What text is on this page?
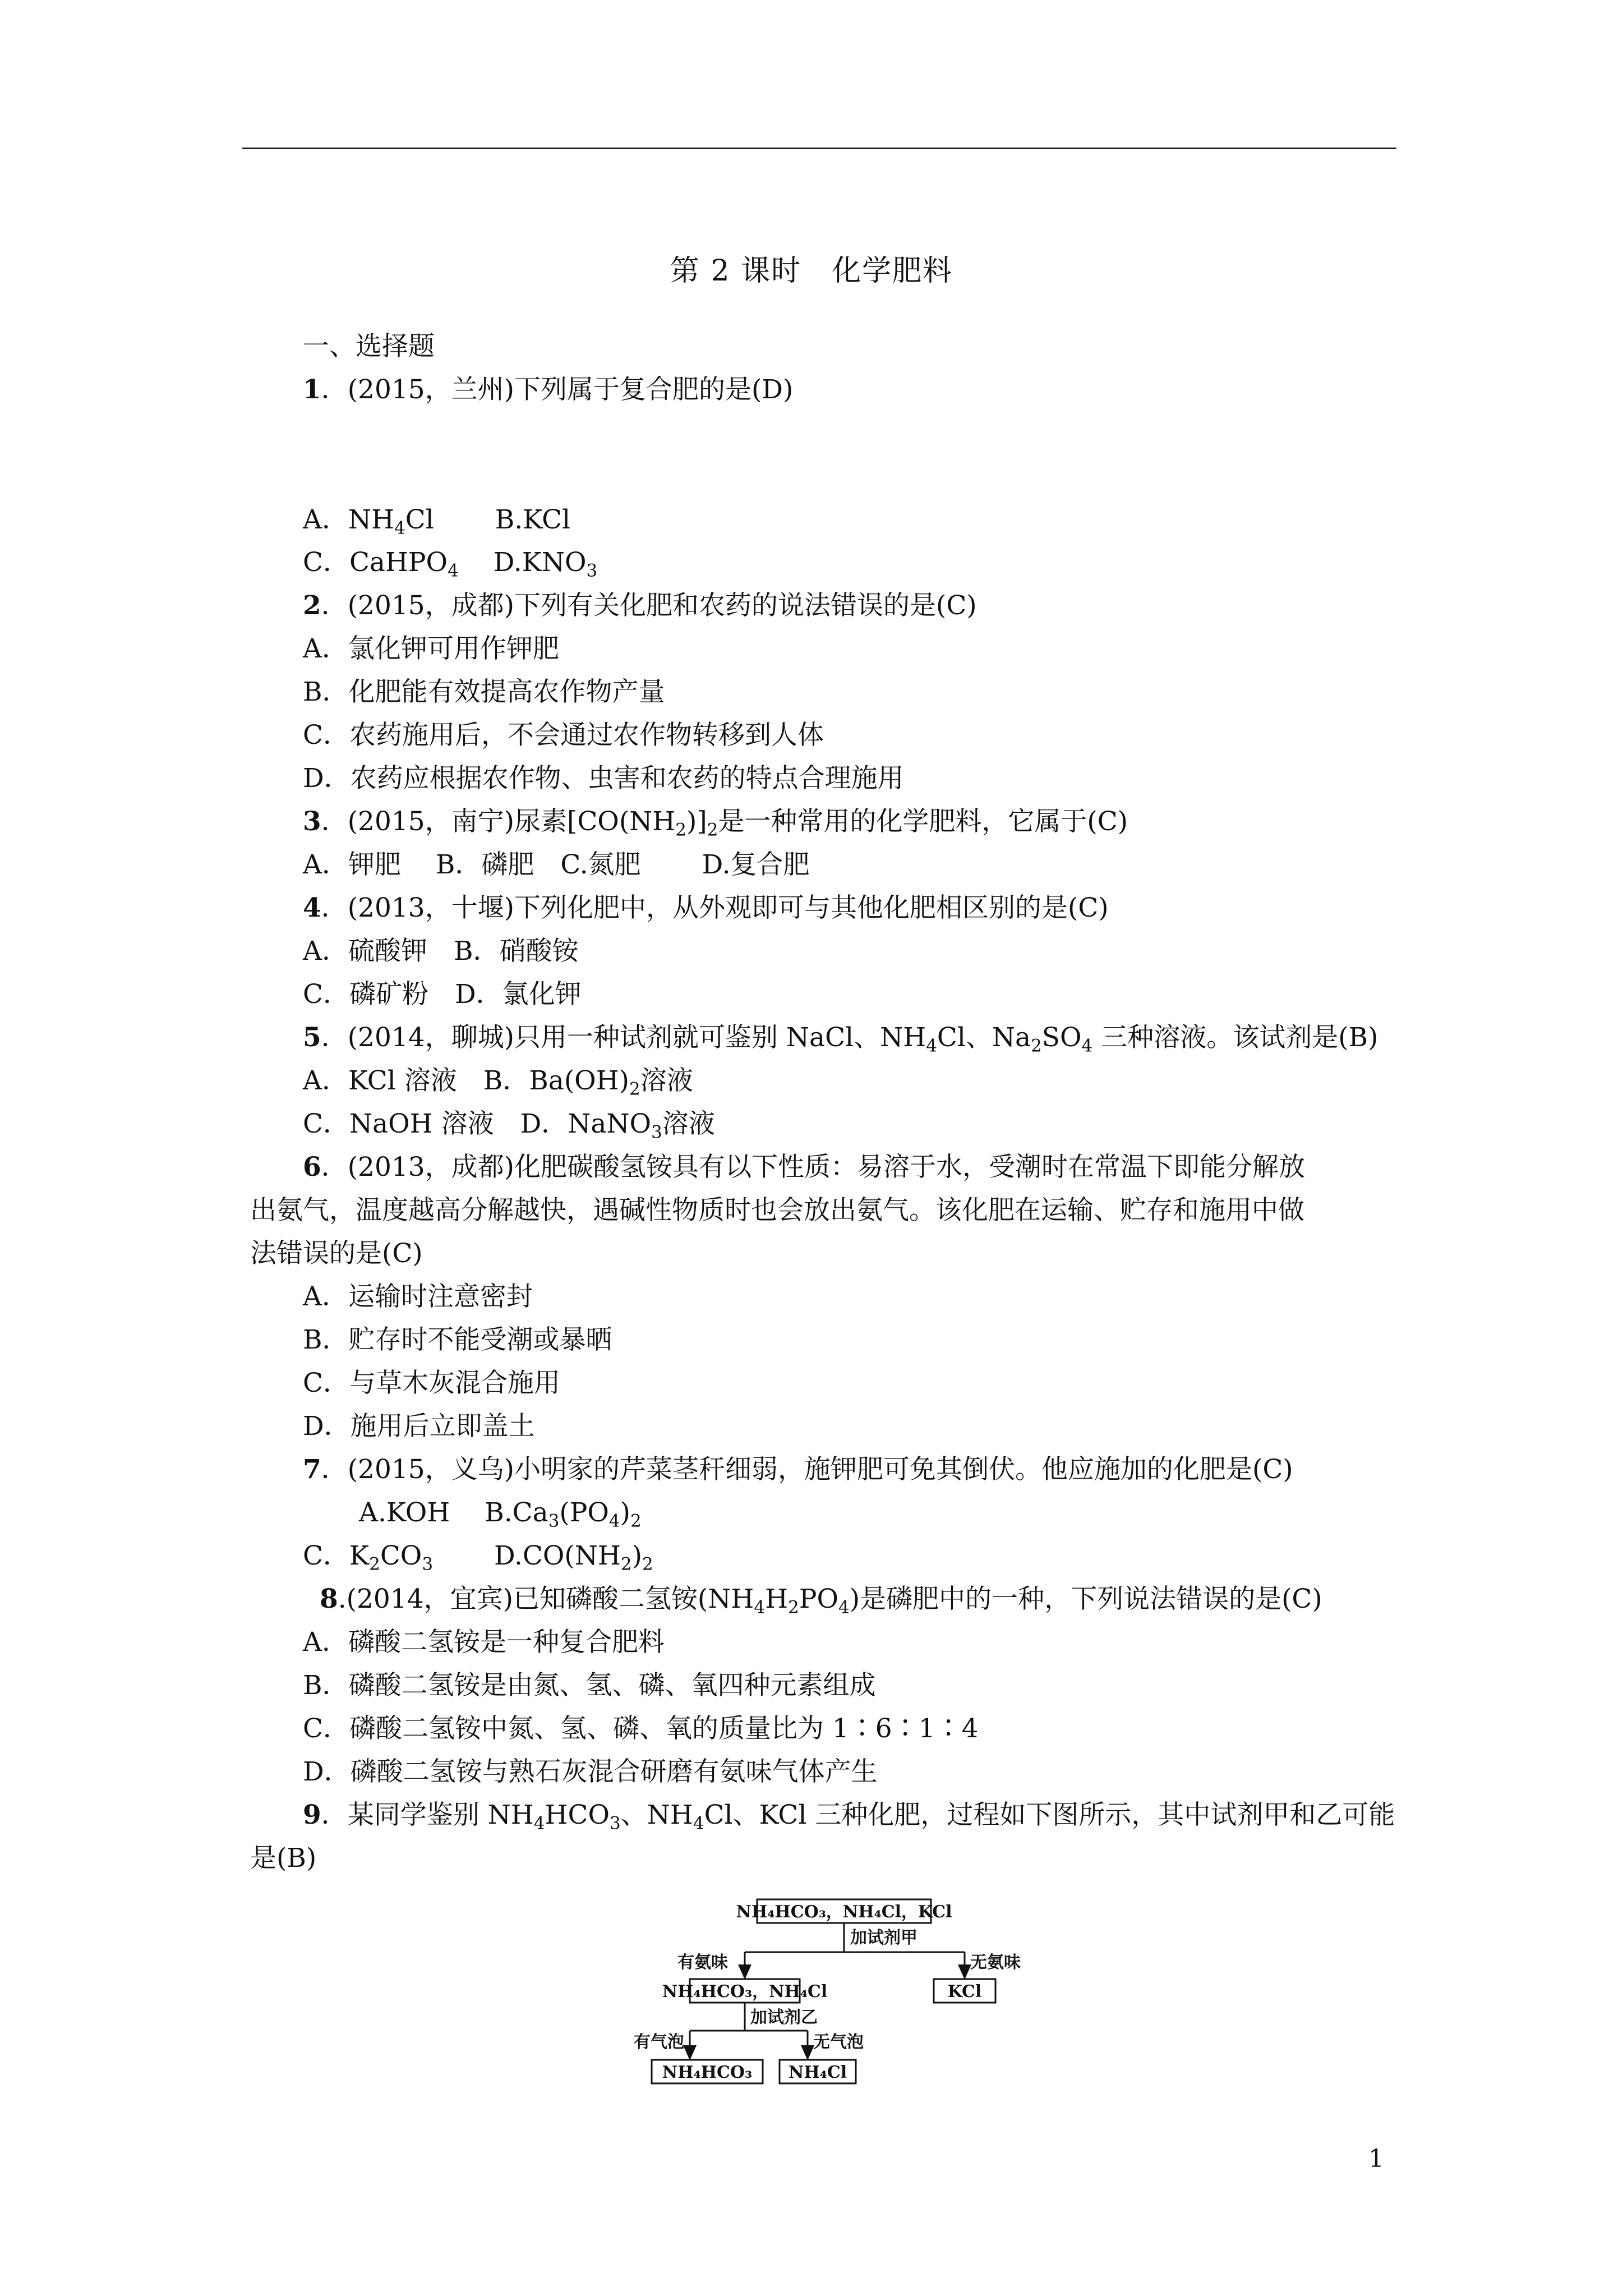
第 2 课时　化学肥料
一、选择题
1．(2015，兰州)下列属于复合肥的是(D)
A．$NH_4Cl$　　 B.KCl
C．CaHPO$_4$　 $D.KNO_3$
2．(2015，成都)下列有关化肥和农药的说法错误的是(C)
A．氯化钾可用作钾肥
B．化肥能有效提高农作物产量
C．农药施用后，不会通过农作物转移到人体
D．农药应根据农作物、虫害和农药的特点合理施用
3．(2015，南宁)尿素$[CO(NH_2)]_2$是一种常用的化学肥料，它属于(C)
A．钾肥　 B．磷肥　C.氮肥　　 D.复合肥
4．(2013，十堰)下列化肥中，从外观即可与其他化肥相区别的是(C)
A．硫酸钾　B．硝酸铵
C．磷矿粉　D．氯化钾
5．(2014，聊城)只用一种试剂就可鉴别 NaCl、$NH_4Cl$、$Na_2SO_4$ 三种溶液。该试剂是(B)
A．KCl 溶液　B．$Ba(OH)_2$溶液
C．NaOH 溶液　D．NaNO$_3$溶液
6．(2013，成都)化肥碳酸氢铵具有以下性质：易溶于水，受潮时在常温下即能分解放
出氨气，温度越高分解越快，遇碱性物质时也会放出氨气。该化肥在运输、贮存和施用中做
法错误的是(C)
A．运输时注意密封
B．贮存时不能受潮或暴晒
C．与草木灰混合施用
D．施用后立即盖土
7．(2015，义乌)小明家的芹菜茎秆细弱，施钾肥可免其倒伏。他应施加的化肥是(C)
A.KOH　 $B.Ca_3(PO_4)_2$
C．$K_2CO_3$　　 $D.CO(NH_2)_2$
8.(2014，宜宾)已知磷酸二氢铵$(NH_4H_2PO_4)$是磷肥中的一种，下列说法错误的是(C)
A．磷酸二氢铵是一种复合肥料
B．磷酸二氢铵是由氮、氢、磷、氧四种元素组成
C．磷酸二氢铵中氮、氢、磷、氧的质量比为 1∶6∶1∶4
D．磷酸二氢铵与熟石灰混合研磨有氨味气体产生
9．某同学鉴别 $NH_4HCO_3$、$NH_4Cl$、KCl 三种化肥，过程如下图所示，其中试剂甲和乙可能
是(B)
NH₄HCO₃，NH₄Cl，KCl
加试剂甲
有氨味	无氨味
NH₄HCO₃，NH₄Cl	KCl
加试剂乙
有气泡	无气泡
NH₄HCO₃ NH₄Cl
1
